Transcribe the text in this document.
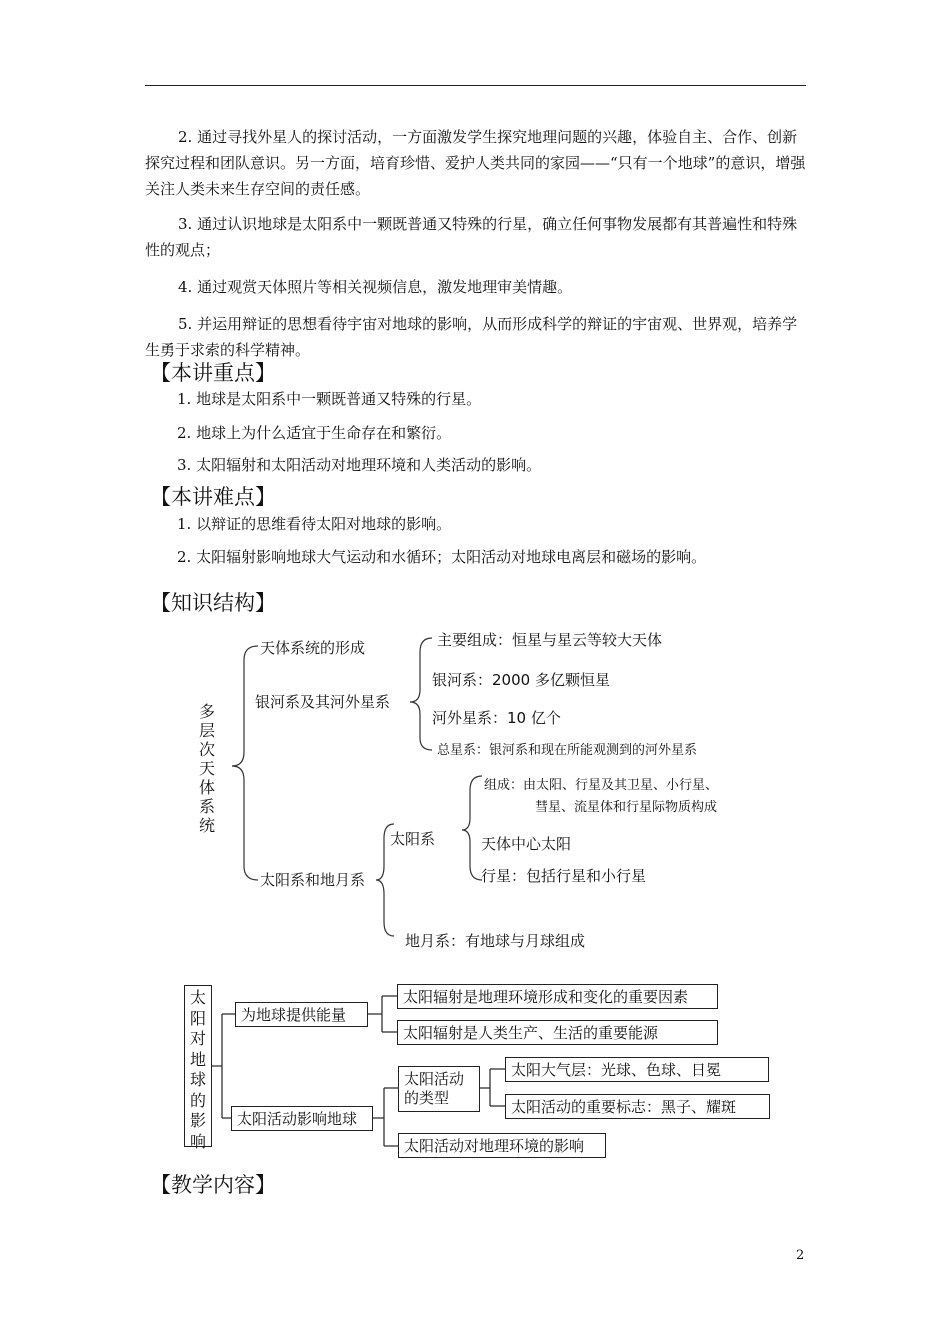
2. 通过寻找外星人的探讨活动，一方面激发学生探究地理问题的兴趣，体验自主、合作、创新探究过程和团队意识。另一方面，培育珍惜、爱护人类共同的家园——“只有一个地球”的意识，增强关注人类未来生存空间的责任感。
3. 通过认识地球是太阳系中一颗既普通又特殊的行星，确立任何事物发展都有其普遍性和特殊性的观点；
4. 通过观赏天体照片等相关视频信息，激发地理审美情趣。
5. 并运用辩证的思想看待宇宙对地球的影响，从而形成科学的辩证的宇宙观、世界观，培养学生勇于求索的科学精神。
【本讲重点】
1. 地球是太阳系中一颗既普通又特殊的行星。
2. 地球上为什么适宜于生命存在和繁衍。
3. 太阳辐射和太阳活动对地理环境和人类活动的影响。
【本讲难点】
1. 以辩证的思维看待太阳对地球的影响。
2. 太阳辐射影响地球大气运动和水循环；太阳活动对地球电离层和磁场的影响。
【知识结构】
多层次天体系统
天体系统的形成
银河系及其河外星系
太阳系和地月系
主要组成：恒星与星云等较大天体
银河系：2000 多亿颗恒星
河外星系：10 亿个
总星系：银河系和现在所能观测到的河外星系
太阳系
组成：由太阳、行星及其卫星、小行星、
彗星、流星体和行星际物质构成
天体中心太阳
行星：包括行星和小行星
地月系：有地球与月球组成
太阳对地球的影响
为地球提供能量
太阳辐射是地理环境形成和变化的重要因素
太阳辐射是人类生产、生活的重要能源
太阳活动影响地球
太阳活动
的类型
太阳大气层：光球、色球、日冕
太阳活动的重要标志：黑子、耀斑
太阳活动对地理环境的影响
【教学内容】
2
